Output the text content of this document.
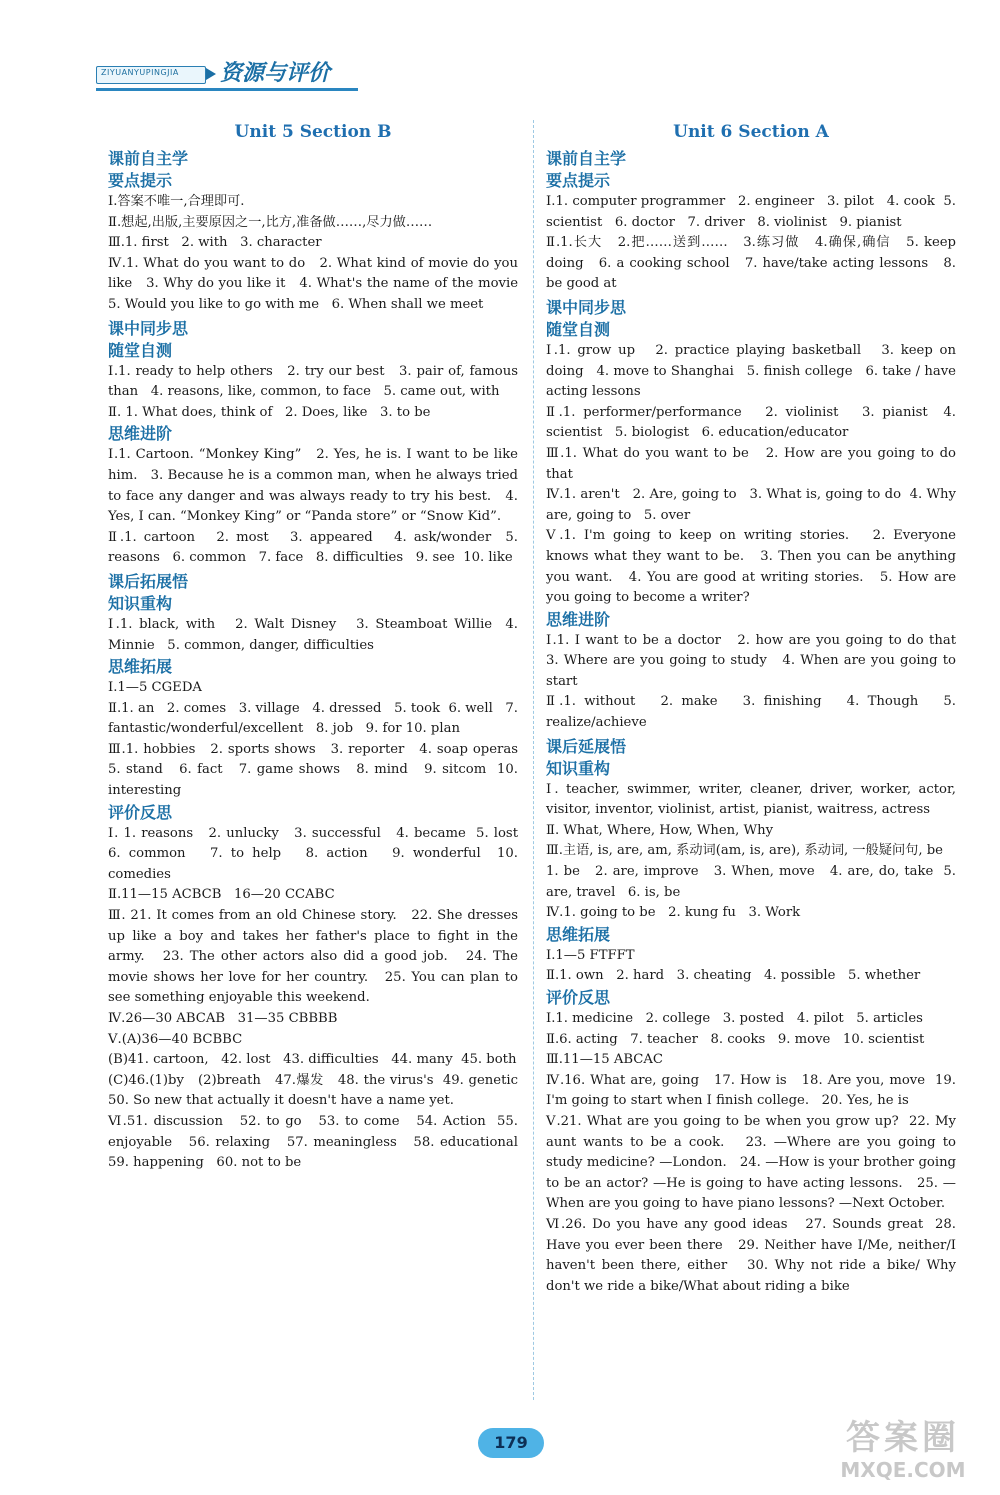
ZIYUANYUPINGJIA 资源与评价
Unit 5 Section B
课前自主学
要点提示
Ⅰ.答案不唯一,合理即可.
Ⅱ.想起,出版,主要原因之一,比方,准备做……,尽力做……
Ⅲ.1. first   2. with   3. character
Ⅳ.1. What do you want to do   2. What kind of movie do you like   3. Why do you like it   4. What's the name of the movie   5. Would you like to go with me   6. When shall we meet
课中同步思
随堂自测
Ⅰ.1. ready to help others   2. try our best   3. pair of, famous than   4. reasons, like, common, to face   5. came out, with
Ⅱ. 1. What does, think of   2. Does, like   3. to be
思维进阶
Ⅰ.1. Cartoon. “Monkey King”   2. Yes, he is. I want to be like him.   3. Because he is a common man, when he always tried to face any danger and was always ready to try his best.   4. Yes, I can. “Monkey King” or “Panda store” or “Snow Kid”.
Ⅱ.1. cartoon   2. most   3. appeared   4. ask/wonder  5. reasons   6. common   7. face   8. difficulties   9. see  10. like
课后拓展悟
知识重构
Ⅰ.1. black, with   2. Walt Disney   3. Steamboat Willie  4. Minnie   5. common, danger, difficulties
思维拓展
Ⅰ.1—5 CGEDA
Ⅱ.1. an   2. comes   3. village   4. dressed   5. took  6. well   7. fantastic/wonderful/excellent   8. job   9. for 10. plan
Ⅲ.1. hobbies   2. sports shows   3. reporter   4. soap operas   5. stand   6. fact   7. game shows   8. mind   9. sitcom  10. interesting
评价反思
Ⅰ. 1. reasons   2. unlucky   3. successful   4. became  5. lost   6. common   7. to help   8. action   9. wonderful  10. comedies
Ⅱ.11—15 ACBCB   16—20 CCABC
Ⅲ. 21. It comes from an old Chinese story.   22. She dresses up like a boy and takes her father's place to fight in the army.   23. The other actors also did a good job.   24. The movie shows her love for her country.   25. You can plan to see something enjoyable this weekend.
Ⅳ.26—30 ABCAB   31—35 CBBBB
Ⅴ.(A)36—40 BCBBC
(B)41. cartoon,   42. lost   43. difficulties   44. many  45. both
(C)46.(1)by   (2)breath   47.爆发   48. the virus's  49. genetic   50. So new that actually it doesn't have a name yet.
Ⅵ.51. discussion   52. to go   53. to come   54. Action  55. enjoyable   56. relaxing   57. meaningless   58. educational   59. happening   60. not to be
Unit 6 Section A
课前自主学
要点提示
Ⅰ.1. computer programmer   2. engineer   3. pilot   4. cook  5. scientist   6. doctor   7. driver   8. violinist   9. pianist
Ⅱ.1.长大   2.把……送到……   3.练习做   4.确保,确信   5. keep doing   6. a cooking school   7. have/take acting lessons   8. be good at
课中同步思
随堂自测
Ⅰ.1. grow up   2. practice playing basketball   3. keep on doing   4. move to Shanghai   5. finish college   6. take / have acting lessons
Ⅱ.1. performer/performance   2. violinist   3. pianist  4. scientist   5. biologist   6. education/educator
Ⅲ.1. What do you want to be   2. How are you going to do that
Ⅳ.1. aren't   2. Are, going to   3. What is, going to do  4. Why are, going to   5. over
Ⅴ.1. I'm going to keep on writing stories.   2. Everyone knows what they want to be.   3. Then you can be anything you want.   4. You are good at writing stories.   5. How are you going to become a writer?
思维进阶
Ⅰ.1. I want to be a doctor   2. how are you going to do that   3. Where are you going to study   4. When are you going to start
Ⅱ.1. without   2. make   3. finishing   4. Though   5. realize/achieve
课后延展悟
知识重构
Ⅰ. teacher, swimmer, writer, cleaner, driver, worker, actor, visitor, inventor, violinist, artist, pianist, waitress, actress
Ⅱ. What, Where, How, When, Why
Ⅲ.主语, is, are, am, 系动词(am, is, are), 系动词, 一般疑问句, be
1. be   2. are, improve   3. When, move   4. are, do, take  5. are, travel   6. is, be
Ⅳ.1. going to be   2. kung fu   3. Work
思维拓展
Ⅰ.1—5 FTFFT
Ⅱ.1. own   2. hard   3. cheating   4. possible   5. whether
评价反思
Ⅰ.1. medicine   2. college   3. posted   4. pilot   5. articles
Ⅱ.6. acting   7. teacher   8. cooks   9. move   10. scientist
Ⅲ.11—15 ABCAC
Ⅳ.16. What are, going   17. How is   18. Are you, move  19. I'm going to start when I finish college.   20. Yes, he is
Ⅴ.21. What are you going to be when you grow up?  22. My aunt wants to be a cook.   23. —Where are you going to study medicine? —London.   24. —How is your brother going to be an actor? —He is going to have acting lessons.   25. —When are you going to have piano lessons? —Next October.
Ⅵ.26. Do you have any good ideas   27. Sounds great  28. Have you ever been there   29. Neither have I/Me, neither/I haven't been there, either   30. Why not ride a bike/ Why don't we ride a bike/What about riding a bike
179	答案圈
MXQE.COM
